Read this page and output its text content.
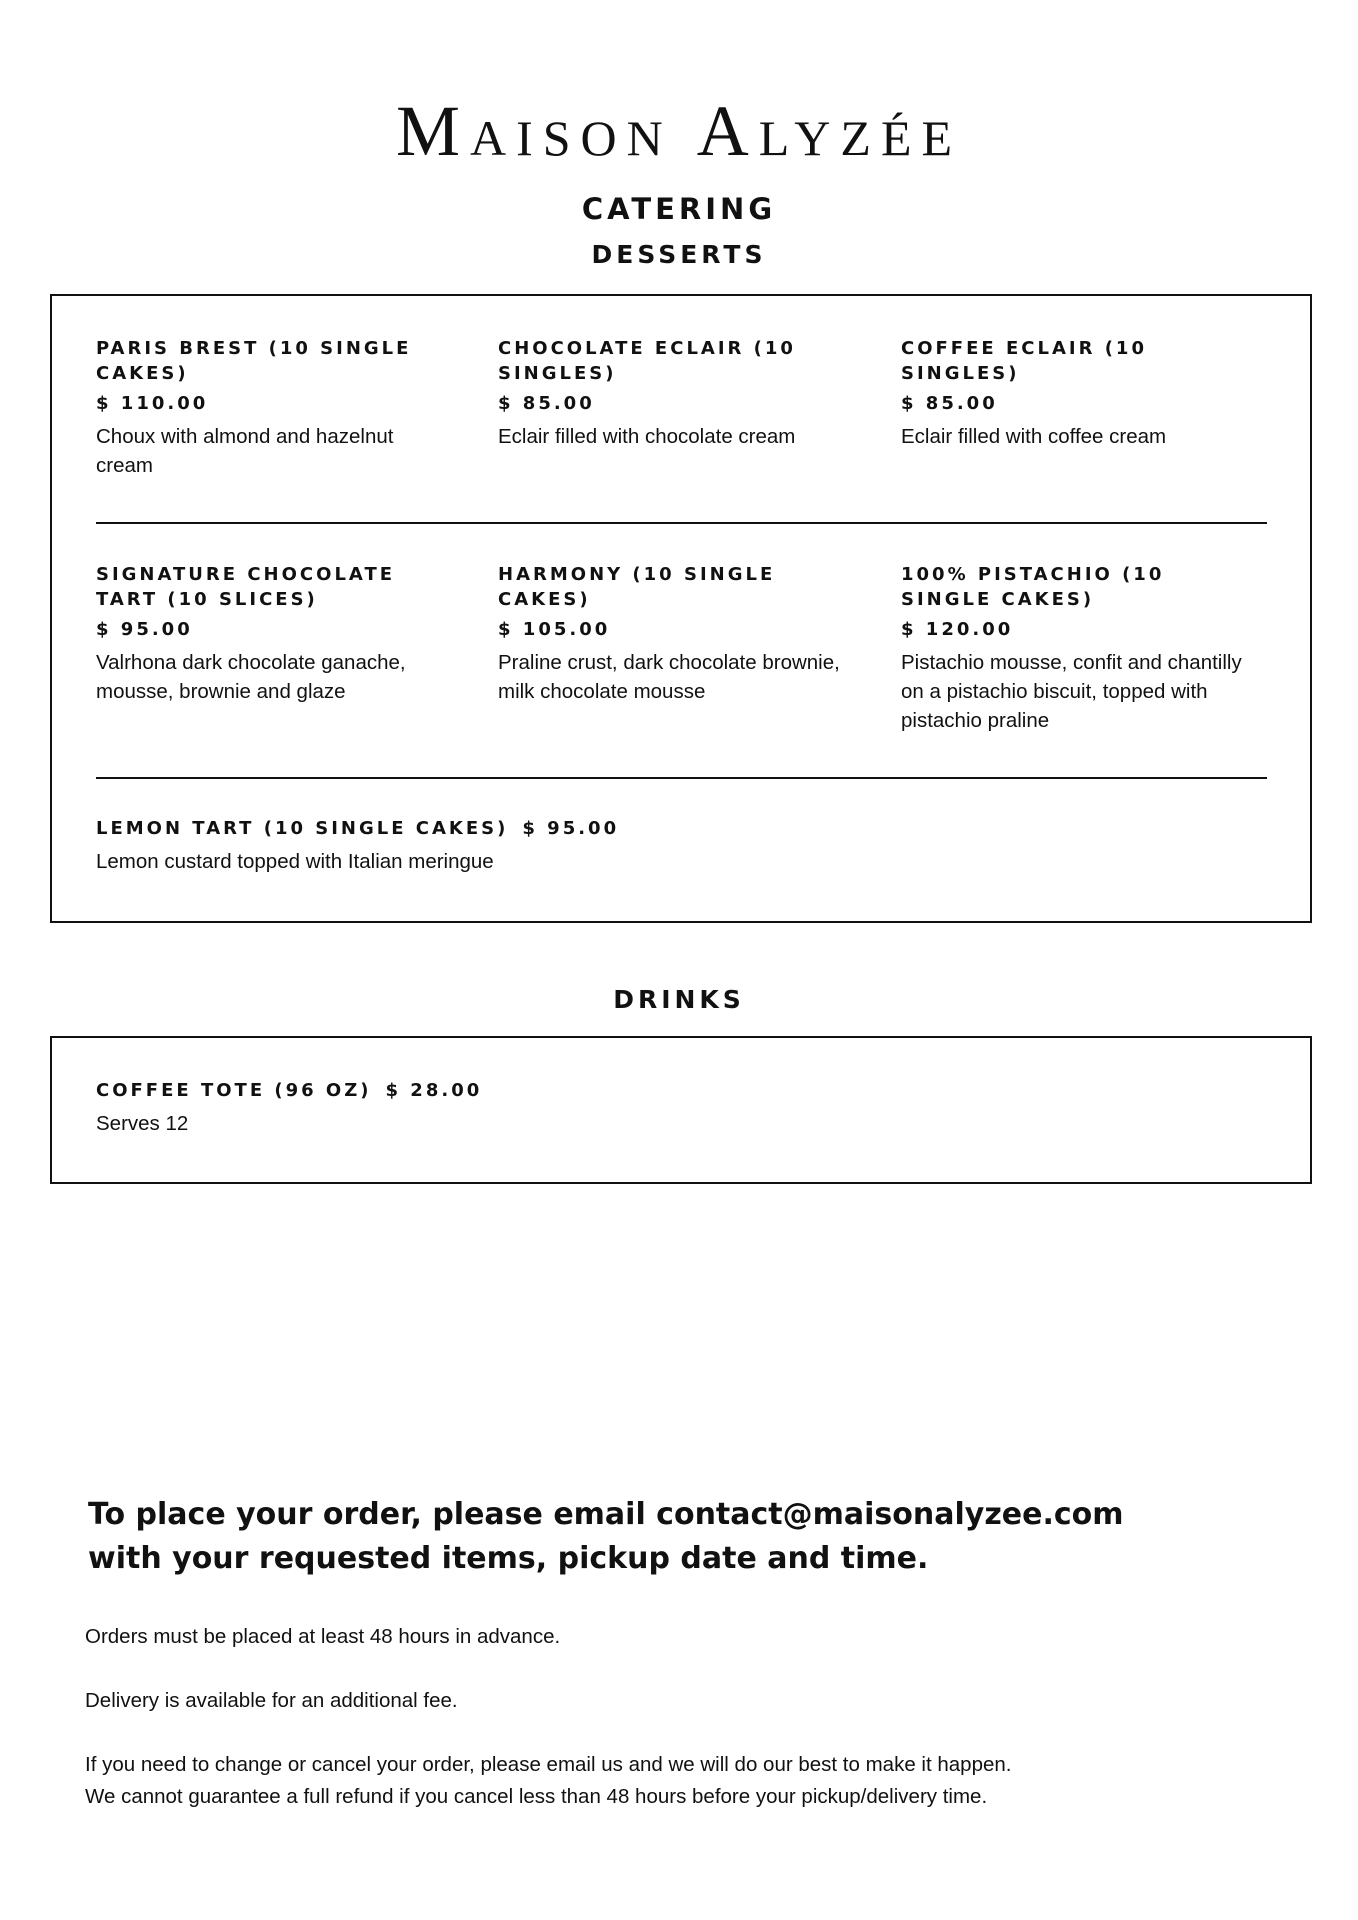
Maison Alyzée
CATERING
DESSERTS
PARIS BREST (10 SINGLE CAKES)
$ 110.00
Choux with almond and hazelnut cream
CHOCOLATE ECLAIR (10 SINGLES)
$ 85.00
Eclair filled with chocolate cream
COFFEE ECLAIR (10 SINGLES)
$ 85.00
Eclair filled with coffee cream
SIGNATURE CHOCOLATE TART (10 SLICES)
$ 95.00
Valrhona dark chocolate ganache, mousse, brownie and glaze
HARMONY (10 SINGLE CAKES)
$ 105.00
Praline crust, dark chocolate brownie, milk chocolate mousse
100% PISTACHIO (10 SINGLE CAKES)
$ 120.00
Pistachio mousse, confit and chantilly on a pistachio biscuit, topped with pistachio praline
LEMON TART (10 SINGLE CAKES) $ 95.00
Lemon custard topped with Italian meringue
DRINKS
COFFEE TOTE (96 OZ) $ 28.00
Serves 12
To place your order, please email contact@maisonalyzee.com
with your requested items, pickup date and time.
Orders must be placed at least 48 hours in advance.
Delivery is available for an additional fee.
If you need to change or cancel your order, please email us and we will do our best to make it happen.
We cannot guarantee a full refund if you cancel less than 48 hours before your pickup/delivery time.
